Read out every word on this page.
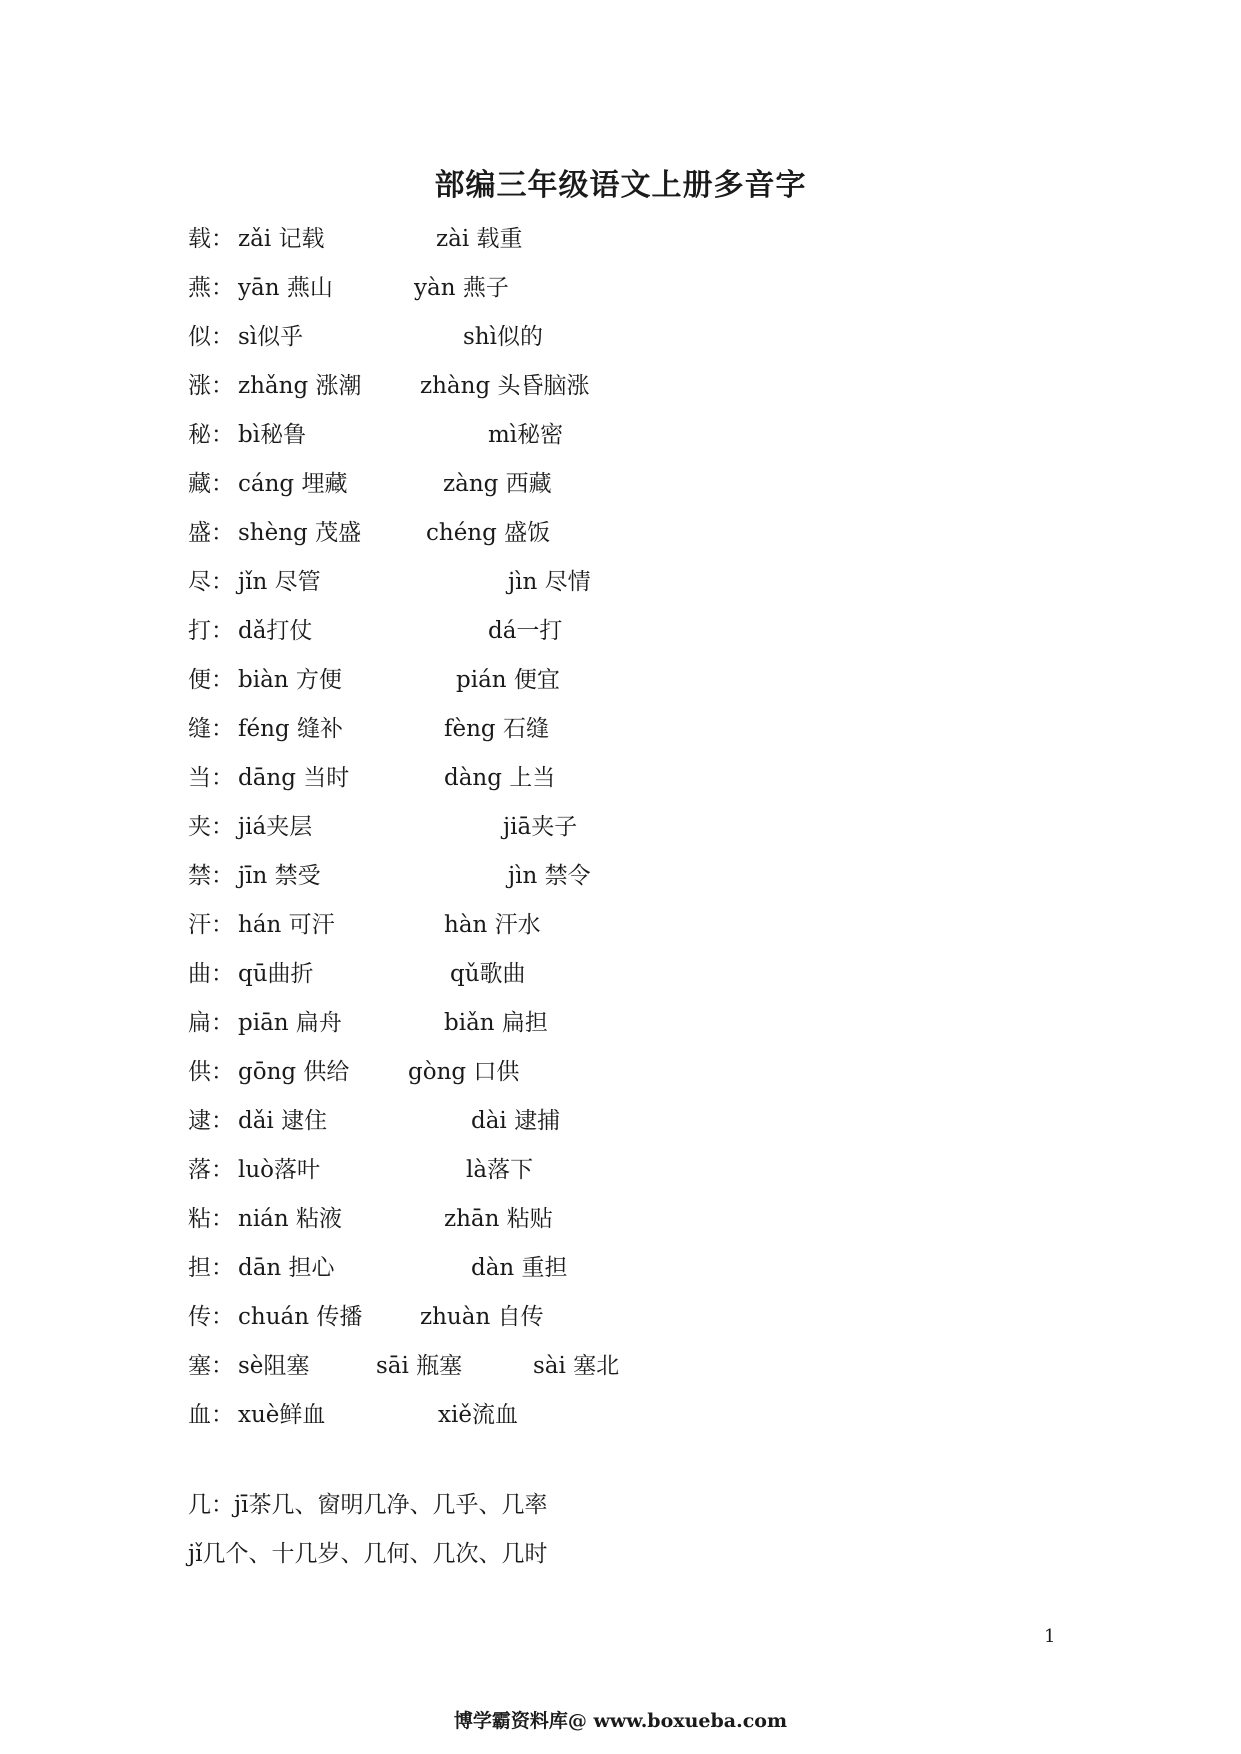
部编三年级语文上册多音字
载： zǎi 记载	zài 载重
燕： yān 燕山	yàn 燕子
似： sì似乎	shì似的
涨： zhǎng 涨潮	zhàng 头昏脑涨
秘： bì秘鲁	mì秘密
藏： cáng 埋藏	zàng 西藏
盛： shèng 茂盛	chéng 盛饭
尽： jǐn 尽管	jìn 尽情
打： dǎ打仗	dá一打
便： biàn 方便	pián 便宜
缝： féng 缝补	fèng 石缝
当： dāng 当时	dàng 上当
夹： jiá夹层	jiā夹子
禁： jīn 禁受	jìn 禁令
汗： hán 可汗	hàn 汗水
曲： qū曲折	qǔ歌曲
扁： piān 扁舟	biǎn 扁担
供： gōng 供给	gòng 口供
逮： dǎi 逮住	dài 逮捕
落： luò落叶	là落下
粘： nián 粘液	zhān 粘贴
担： dān 担心	dàn 重担
传： chuán 传播	zhuàn 自传
塞： sè阻塞	sāi 瓶塞	sài 塞北
血： xuè鲜血	xiě流血
几：jī茶几、窗明几净、几乎、几率
jǐ几个、十几岁、几何、几次、几时
1
博学霸资料库@ www.boxueba.com
